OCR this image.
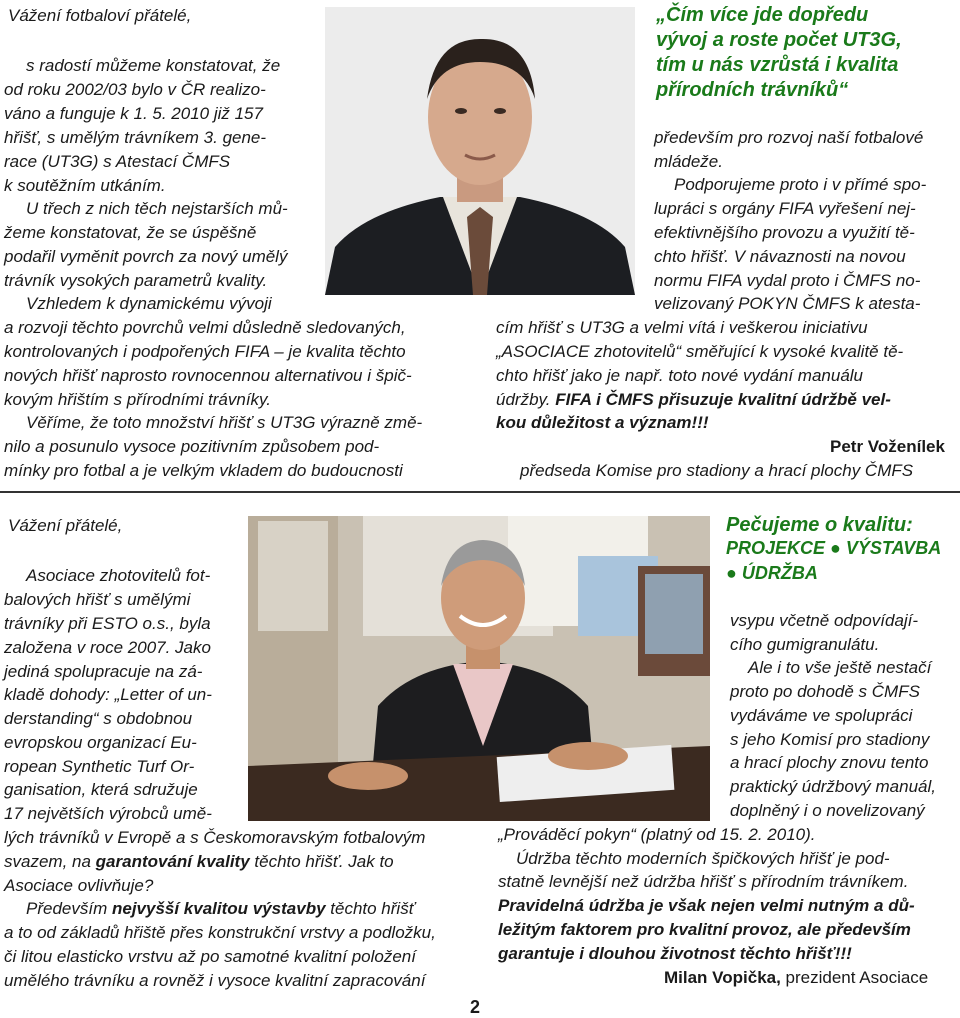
Vážení fotbaloví přátelé,
s radostí můžeme konstatovat, že
od roku 2002/03 bylo v ČR realizo-
váno a funguje k 1. 5. 2010 již 157
hřišť, s umělým trávníkem 3. gene-
race (UT3G) s Atestací ČMFS
k soutěžním utkáním.
U třech z nich těch nejstarších mů-
žeme konstatovat, že se úspěšně
podařil vyměnit povrch za nový umělý
trávník vysokých parametrů kvality.
Vzhledem k dynamickému vývoji
a rozvoji těchto povrchů velmi důsledně sledovaných,
kontrolovaných i podpořených FIFA – je kvalita těchto
nových hřišť naprosto rovnocennou alternativou i špič-
kovým hřištím s přírodními trávníky.
Věříme, že toto množství hřišť s UT3G výrazně změ-
nilo a posunulo vysoce pozitivním způsobem pod-
mínky pro fotbal a je velkým vkladem do budoucnosti
„Čím více jde dopředu
vývoj a roste počet UT3G,
tím u nás vzrůstá i kvalita
přírodních trávníků“
především pro rozvoj naší fotbalové
mládeže.
Podporujeme proto i v přímé spo-
lupráci s orgány FIFA vyřešení nej-
efektivnějšího provozu a využití tě-
chto hřišť. V návaznosti na novou
normu FIFA vydal proto i ČMFS no-
velizovaný POKYN ČMFS k atesta-
cím hřišť s UT3G a velmi vítá i veškerou iniciativu
„ASOCIACE zhotovitelů“ směřující k vysoké kvalitě tě-
chto hřišť jako je např. toto nové vydání manuálu
údržby. FIFA i ČMFS přisuzuje kvalitní údržbě vel-
kou důležitost a význam!!!
Petr Voženílek
předseda Komise pro stadiony a hrací plochy ČMFS
Vážení přátelé,
Asociace zhotovitelů fot-
balových hřišť s umělými
trávníky při ESTO o.s., byla
založena v roce 2007. Jako
jediná spolupracuje na zá-
kladě dohody: „Letter of un-
derstanding“ s obdobnou
evropskou organizací Eu-
ropean Synthetic Turf Or-
ganisation, která sdružuje
17 největších výrobců umě-
lých trávníků v Evropě a s Českomoravským fotbalovým
svazem, na garantování kvality těchto hřišť. Jak to
Asociace ovlivňuje?
Především nejvyšší kvalitou výstavby těchto hřišť
a to od základů hřiště přes konstrukční vrstvy a podložku,
či litou elasticko vrstvu až po samotné kvalitní položení
umělého trávníku a rovněž i vysoce kvalitní zapracování
Pečujeme o kvalitu:
PROJEKCE ● VÝSTAVBA
● ÚDRŽBA
vsypu včetně odpovídají-
cího gumigranulátu.
Ale i to vše ještě nestačí
proto po dohodě s ČMFS
vydáváme ve spolupráci
s jeho Komisí pro stadiony
a hrací plochy znovu tento
praktický údržbový manuál,
doplněný i o novelizovaný
„Prováděcí pokyn“ (platný od 15. 2. 2010).
Údržba těchto moderních špičkových hřišť je pod-
statně levnější než údržba hřišť s přírodním trávníkem.
Pravidelná údržba je však nejen velmi nutným a dů-
ležitým faktorem pro kvalitní provoz, ale především
garantuje i dlouhou životnost těchto hřišť!!!
Milan Vopička, prezident Asociace
2
